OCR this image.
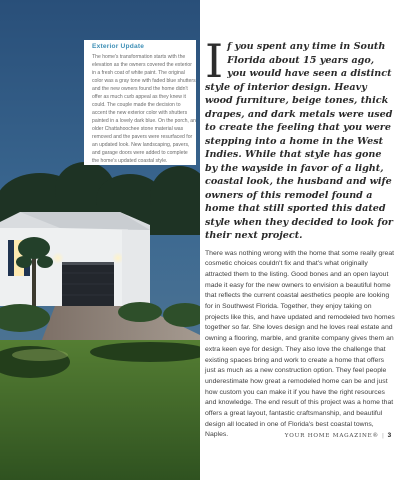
Exterior Update

The home's transformation starts with the elevation as the owners covered the exterior in a fresh coat of white paint. The original color was a gray tone with faded blue shutters and the new owners found the home didn't offer as much curb appeal as they knew it could. The couple made the decision to accent the new exterior color with shutters painted in a lovely dark blue. On the porch, an older Chattahoochee stone material was removed and the pavers were resurfaced for an updated look. New landscaping, pavers, and garage doors were added to complete the home's updated coastal style.

I f you spent any time in South Florida about 15 years ago, you would have seen a distinct style of interior design. Heavy wood furniture, beige tones, thick drapes, and dark metals were used to create the feeling that you were stepping into a home in the West Indies. While that style has gone by the wayside in favor of a light, coastal look, the husband and wife owners of this remodel found a home that still sported this dated style when they decided to look for their next project.

There was nothing wrong with the home that some really great cosmetic choices couldn't fix and that's what originally attracted them to the listing. Good bones and an open layout made it easy for the new owners to envision a beautiful home that reflects the current coastal aesthetics people are looking for in Southwest Florida. Together, they enjoy taking on projects like this, and have updated and remodeled two homes together so far. She loves design and he loves real estate and owning a flooring, marble, and granite company gives them an extra keen eye for design. They also love the challenge that existing spaces bring and work to create a home that offers just as much as a new construction option. They feel people underestimate how great a remodeled home can be and just how custom you can make it if you have the right resources and knowledge. The end result of this project was a home that offers a great layout, fantastic craftsmanship, and beautiful design all located in one of Florida's best coastal towns, Naples.	YOUR HOME MAGAZINE® | 3
